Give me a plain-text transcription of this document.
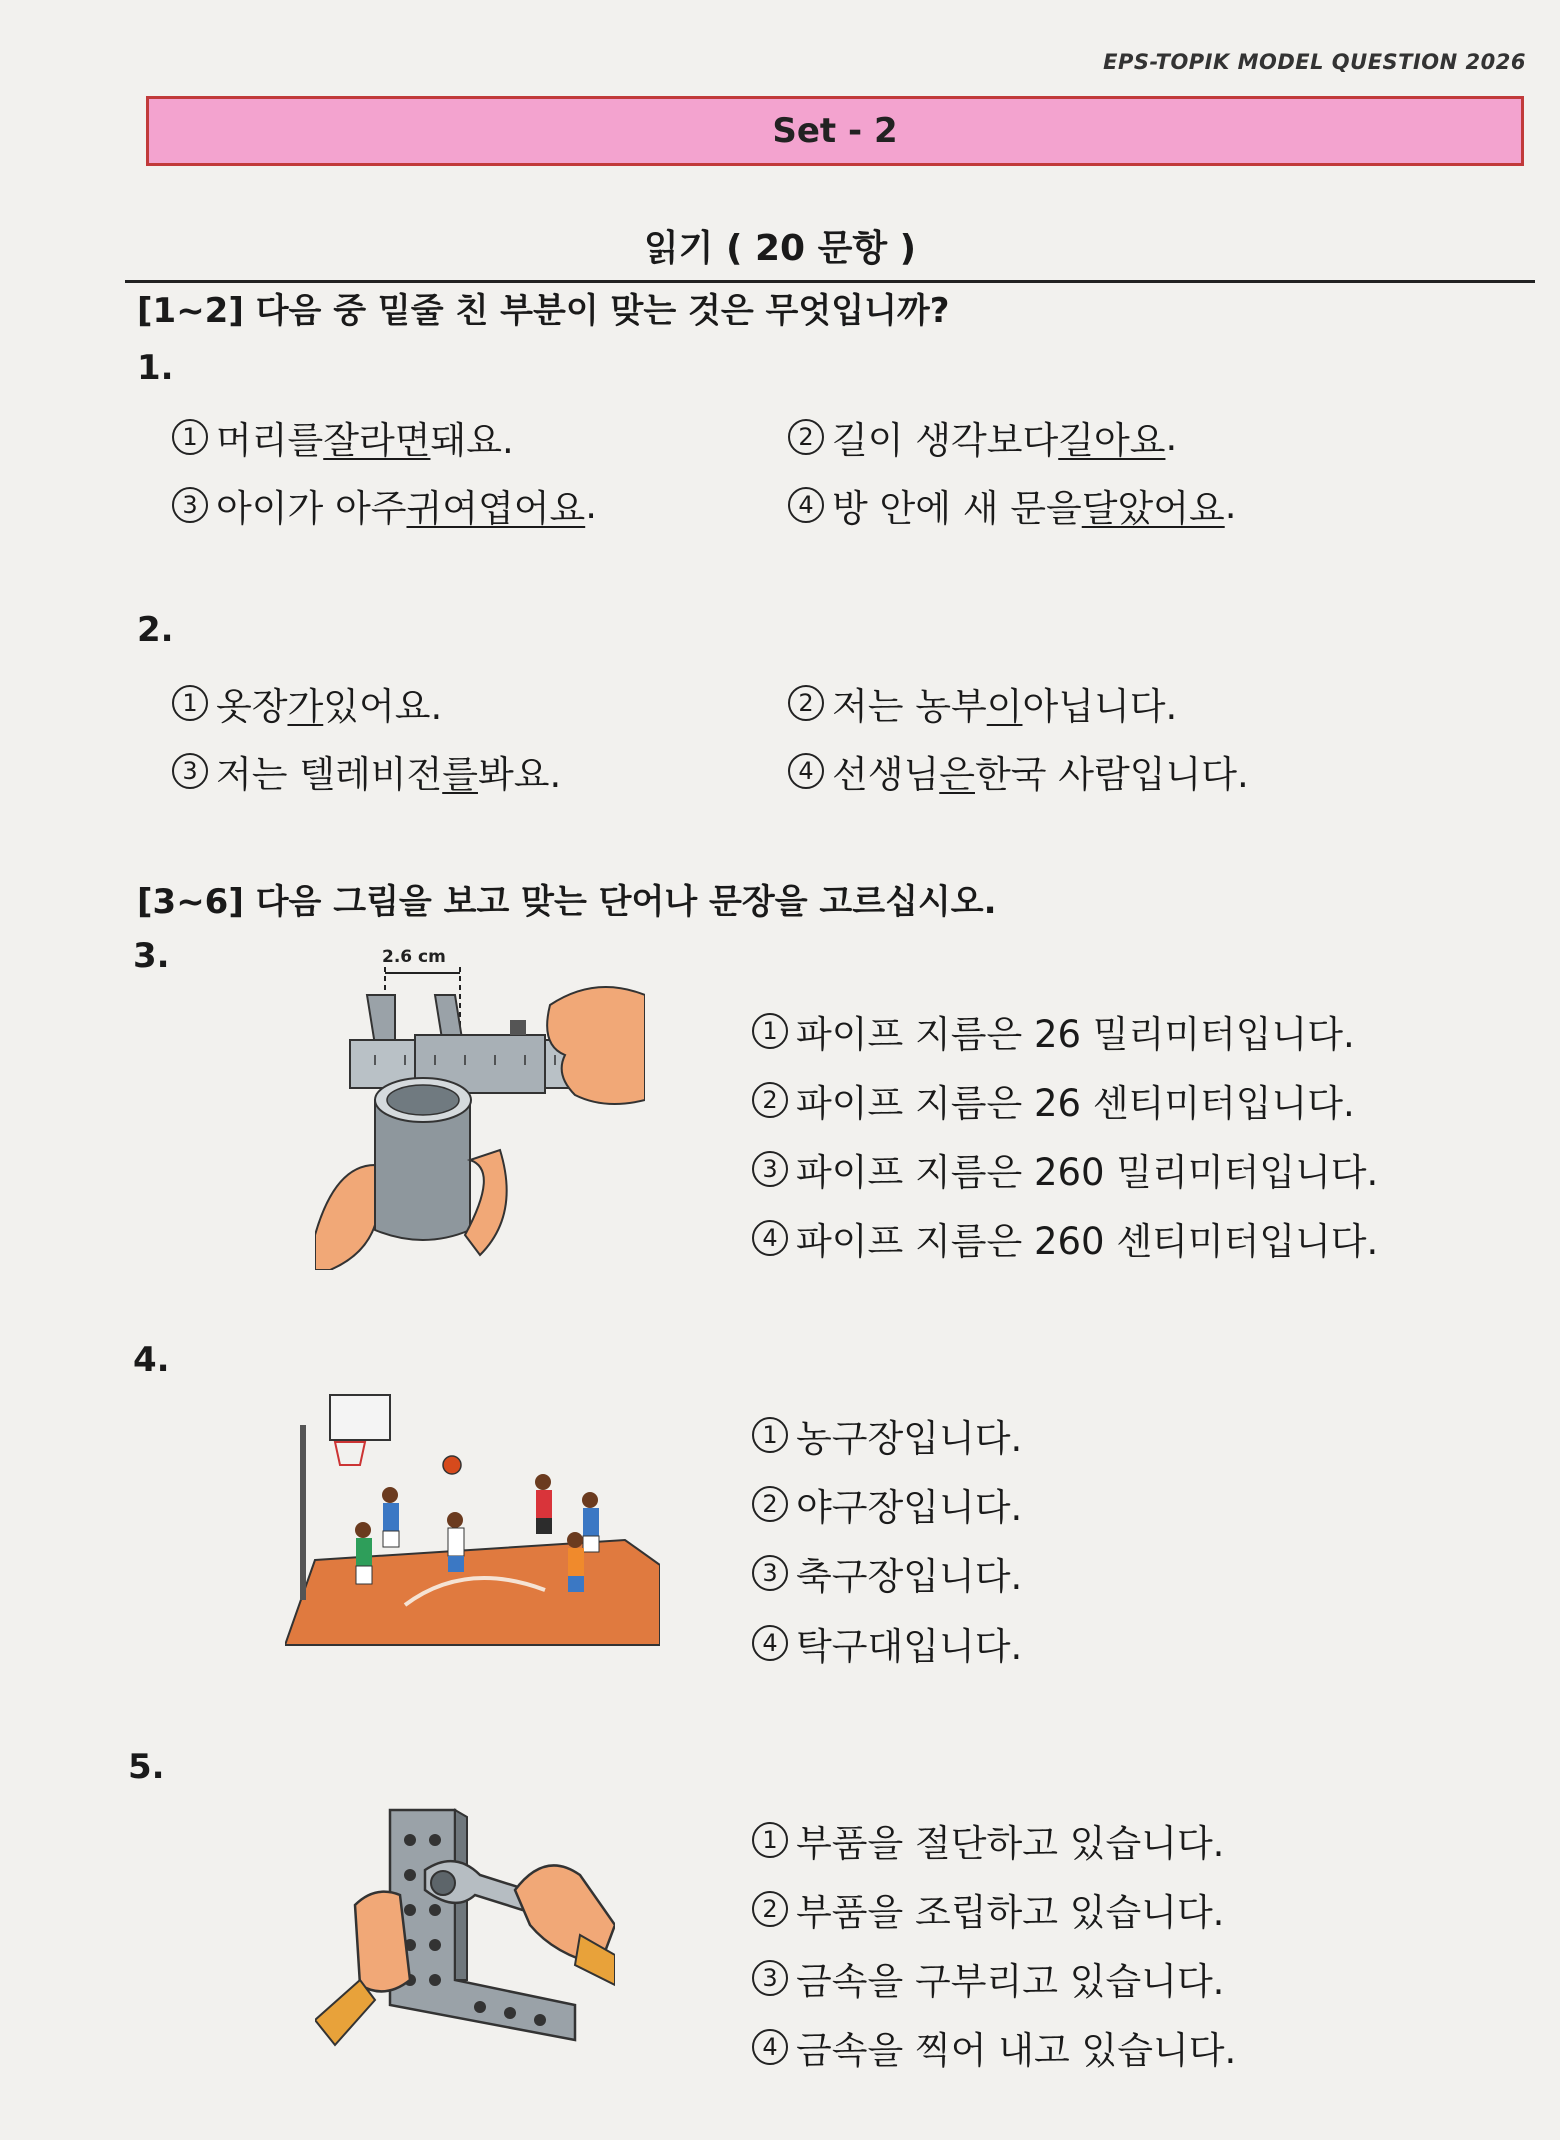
EPS-TOPIK MODEL QUESTION 2026
Set - 2
읽기 ( 20 문항 )
[1~2] 다음 중 밑줄 친 부분이 맞는 것은 무엇입니까?
1.
1 머리를 잘라면 돼요.	2 길이 생각보다 길아요 .
3 아이가 아주 귀여엽어요 .	4 방 안에 새 문을 달았어요 .
2.
1 옷장 가 있어요.	2 저는 농부 이 아닙니다.
3 저는 텔레비전 를 봐요.	4 선생님 은 한국 사람입니다.
[3~6] 다음 그림을 보고 맞는 단어나 문장을 고르십시오.
3.	2.6 cm
1 파이프 지름은 26 밀리미터입니다.
2 파이프 지름은 26 센티미터입니다.
3 파이프 지름은 260 밀리미터입니다.
4 파이프 지름은 260 센티미터입니다.
4.
1 농구장입니다.
2 야구장입니다.
3 축구장입니다.
4 탁구대입니다.
5.
1 부품을 절단하고 있습니다.
2 부품을 조립하고 있습니다.
3 금속을 구부리고 있습니다.
4 금속을 찍어 내고 있습니다.
